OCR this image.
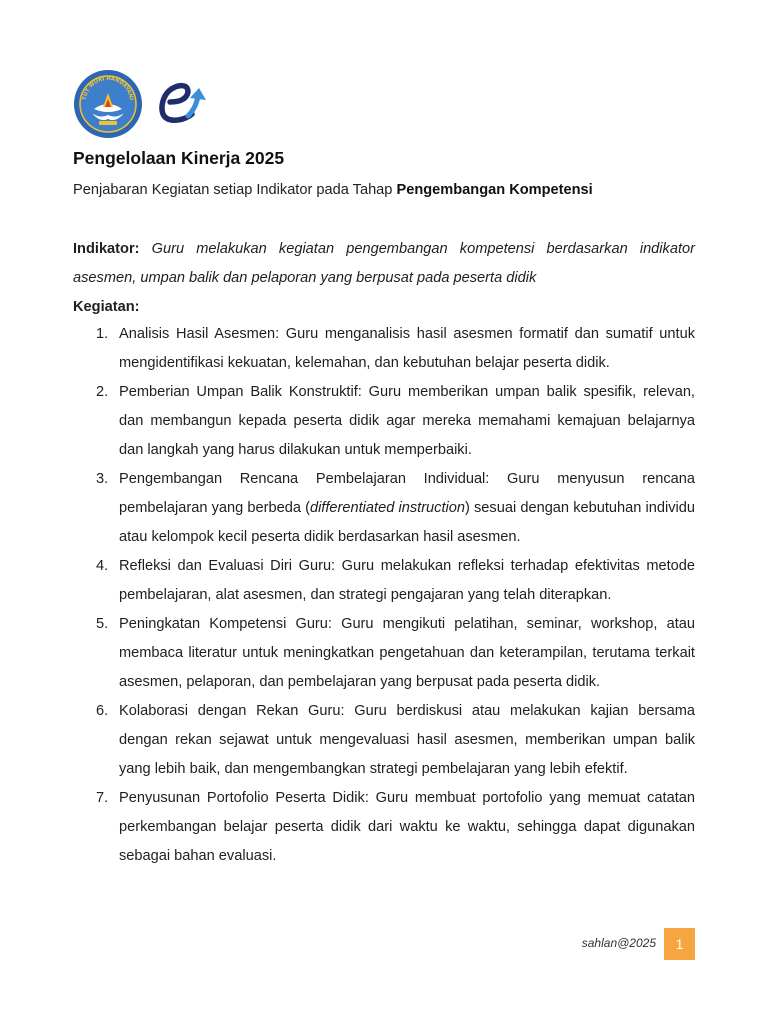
TUT WURI HANDAYANI
Pengelolaan Kinerja 2025

Penjabaran Kegiatan setiap Indikator pada Tahap Pengembangan Kompetensi

Indikator: Guru melakukan kegiatan pengembangan kompetensi berdasarkan indikator asesmen, umpan balik dan pelaporan yang berpusat pada peserta didik

Kegiatan:

1. Analisis Hasil Asesmen: Guru menganalisis hasil asesmen formatif dan sumatif untuk mengidentifikasi kekuatan, kelemahan, dan kebutuhan belajar peserta didik.
2. Pemberian Umpan Balik Konstruktif: Guru memberikan umpan balik spesifik, relevan, dan membangun kepada peserta didik agar mereka memahami kemajuan belajarnya dan langkah yang harus dilakukan untuk memperbaiki.
3. Pengembangan Rencana Pembelajaran Individual: Guru menyusun rencana pembelajaran yang berbeda (differentiated instruction) sesuai dengan kebutuhan individu atau kelompok kecil peserta didik berdasarkan hasil asesmen.
4. Refleksi dan Evaluasi Diri Guru: Guru melakukan refleksi terhadap efektivitas metode pembelajaran, alat asesmen, dan strategi pengajaran yang telah diterapkan.
5. Peningkatan Kompetensi Guru: Guru mengikuti pelatihan, seminar, workshop, atau membaca literatur untuk meningkatkan pengetahuan dan keterampilan, terutama terkait asesmen, pelaporan, dan pembelajaran yang berpusat pada peserta didik.
6. Kolaborasi dengan Rekan Guru: Guru berdiskusi atau melakukan kajian bersama dengan rekan sejawat untuk mengevaluasi hasil asesmen, memberikan umpan balik yang lebih baik, dan mengembangkan strategi pembelajaran yang lebih efektif.
7. Penyusunan Portofolio Peserta Didik: Guru membuat portofolio yang memuat catatan perkembangan belajar peserta didik dari waktu ke waktu, sehingga dapat digunakan sebagai bahan evaluasi.
sahlan@2025	1
